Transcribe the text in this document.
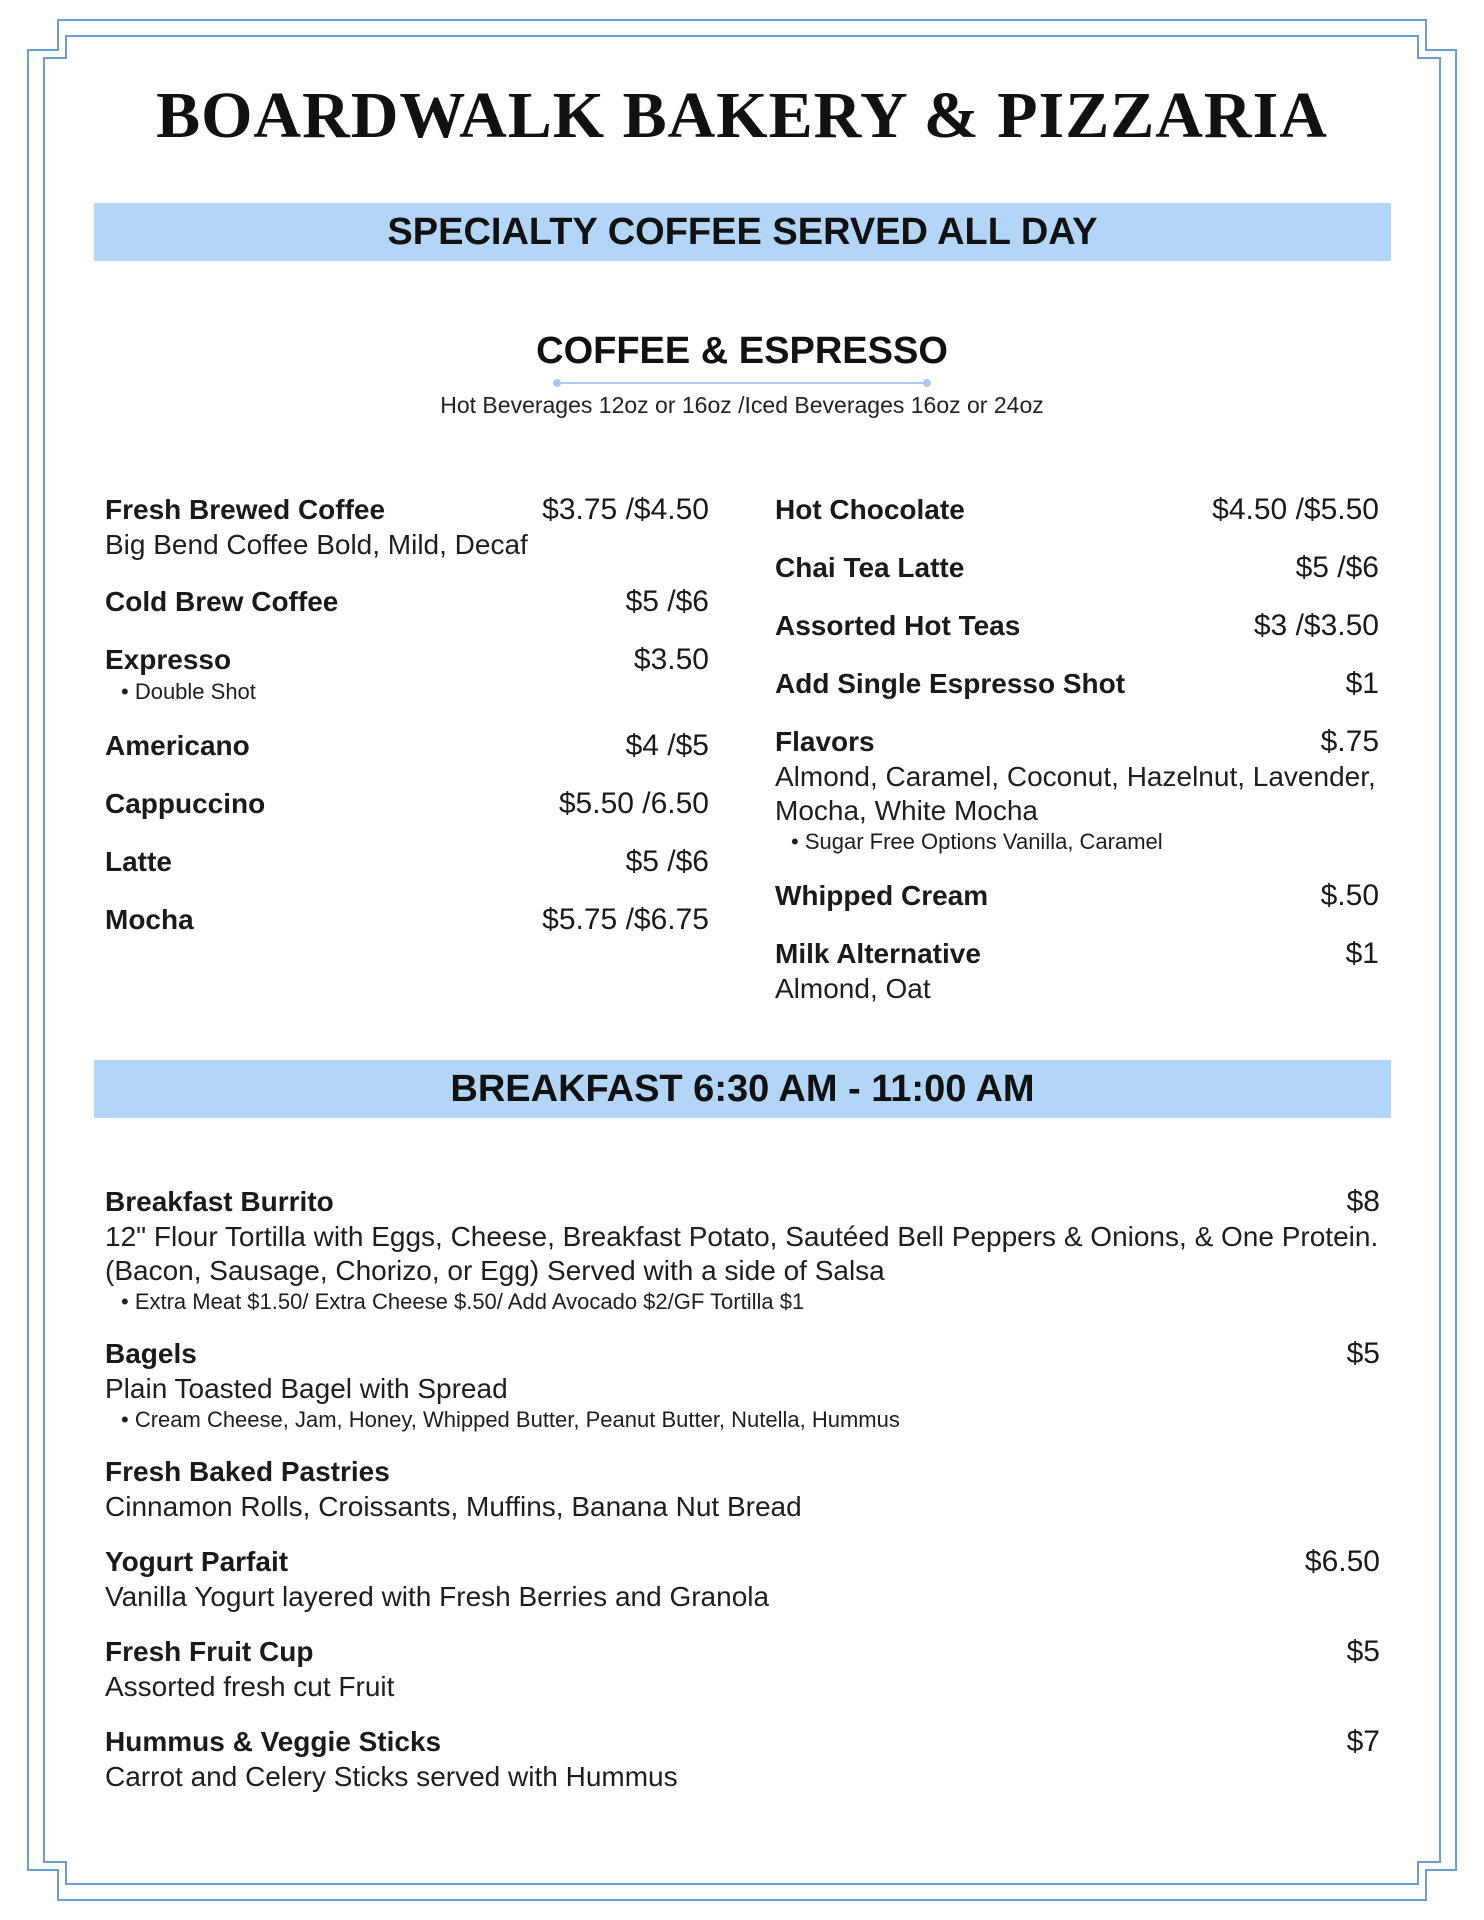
BOARDWALK BAKERY & PIZZARIA
SPECIALTY COFFEE SERVED ALL DAY
COFFEE & ESPRESSO
Hot Beverages 12oz or 16oz /Iced Beverages 16oz or 24oz
Fresh Brewed Coffee	$3.75 /$4.50
Big Bend Coffee Bold, Mild, Decaf
Cold Brew Coffee	$5 /$6
Expresso	$3.50
• Double Shot
Americano	$4 /$5
Cappuccino	$5.50 /6.50
Latte	$5 /$6
Mocha	$5.75 /$6.75
Hot Chocolate	$4.50 /$5.50
Chai Tea Latte	$5 /$6
Assorted Hot Teas	$3 /$3.50
Add Single Espresso Shot	$1
Flavors	$.75
Almond, Caramel, Coconut, Hazelnut, Lavender, Mocha, White Mocha
• Sugar Free Options Vanilla, Caramel
Whipped Cream	$.50
Milk Alternative	$1
Almond, Oat
BREAKFAST 6:30 AM - 11:00 AM
Breakfast Burrito	$8
12" Flour Tortilla with Eggs, Cheese, Breakfast Potato, Sautéed Bell Peppers & Onions, & One Protein. (Bacon, Sausage, Chorizo, or Egg) Served with a side of Salsa
• Extra Meat $1.50/ Extra Cheese $.50/ Add Avocado $2/GF Tortilla $1
Bagels	$5
Plain Toasted Bagel with Spread
• Cream Cheese, Jam, Honey, Whipped Butter, Peanut Butter, Nutella, Hummus
Fresh Baked Pastries
Cinnamon Rolls, Croissants, Muffins, Banana Nut Bread
Yogurt Parfait	$6.50
Vanilla Yogurt layered with Fresh Berries and Granola
Fresh Fruit Cup	$5
Assorted fresh cut Fruit
Hummus & Veggie Sticks	$7
Carrot and Celery Sticks served with Hummus
